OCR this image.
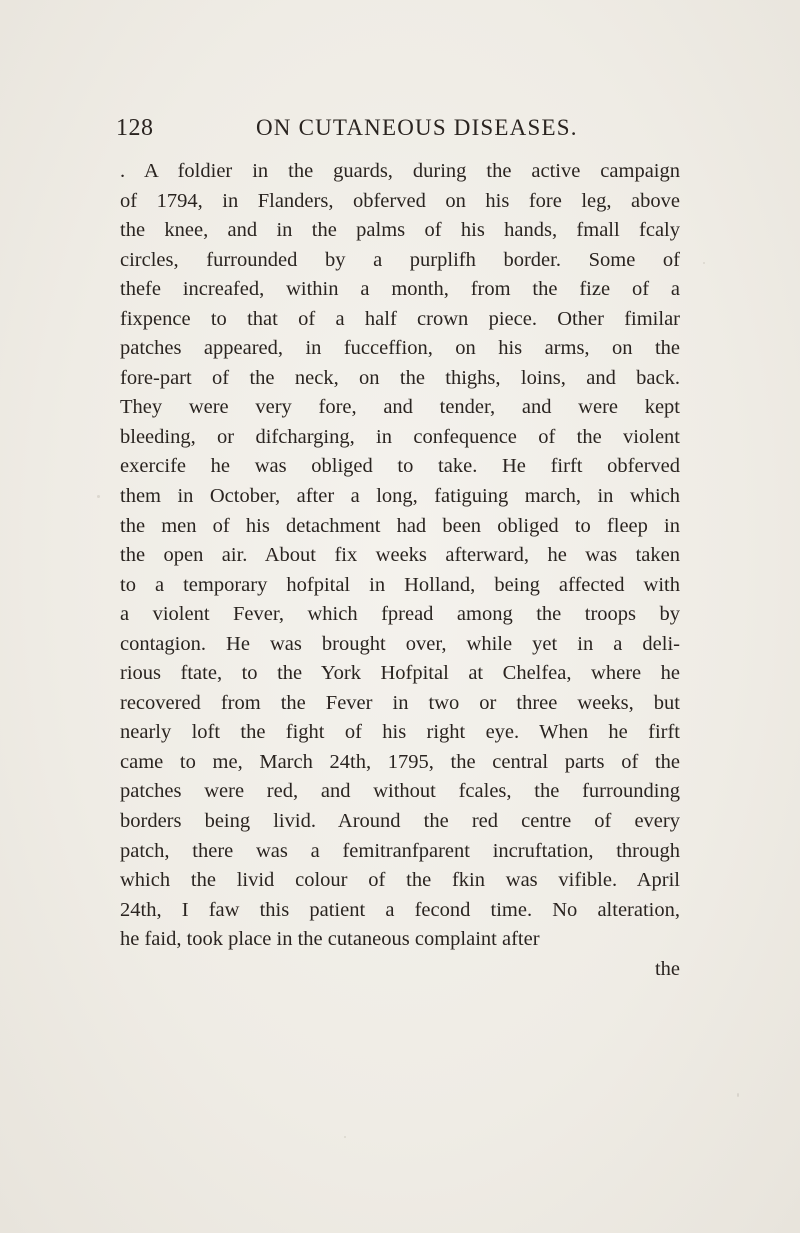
128	ON CUTANEOUS DISEASES.
. A foldier in the guards, during the active campaign
of 1794, in Flanders, obferved on his fore leg, above
the knee, and in the palms of his hands, fmall fcaly
circles, furrounded by a purplifh border. Some of
thefe increafed, within a month, from the fize of a
fixpence to that of a half crown piece. Other fimilar
patches appeared, in fucceffion, on his arms, on the
fore-part of the neck, on the thighs, loins, and back.
They were very fore, and tender, and were kept
bleeding, or difcharging, in confequence of the violent
exercife he was obliged to take. He firft obferved
them in October, after a long, fatiguing march, in which
the men of his detachment had been obliged to fleep in
the open air. About fix weeks afterward, he was taken
to a temporary hofpital in Holland, being affected with
a violent Fever, which fpread among the troops by
contagion. He was brought over, while yet in a deli-
rious ftate, to the York Hofpital at Chelfea, where he
recovered from the Fever in two or three weeks, but
nearly loft the fight of his right eye. When he firft
came to me, March 24th, 1795, the central parts of the
patches were red, and without fcales, the furrounding
borders being livid. Around the red centre of every
patch, there was a femitranfparent incruftation, through
which the livid colour of the fkin was vifible. April
24th, I faw this patient a fecond time. No alteration,
he faid, took place in the cutaneous complaint after
the
